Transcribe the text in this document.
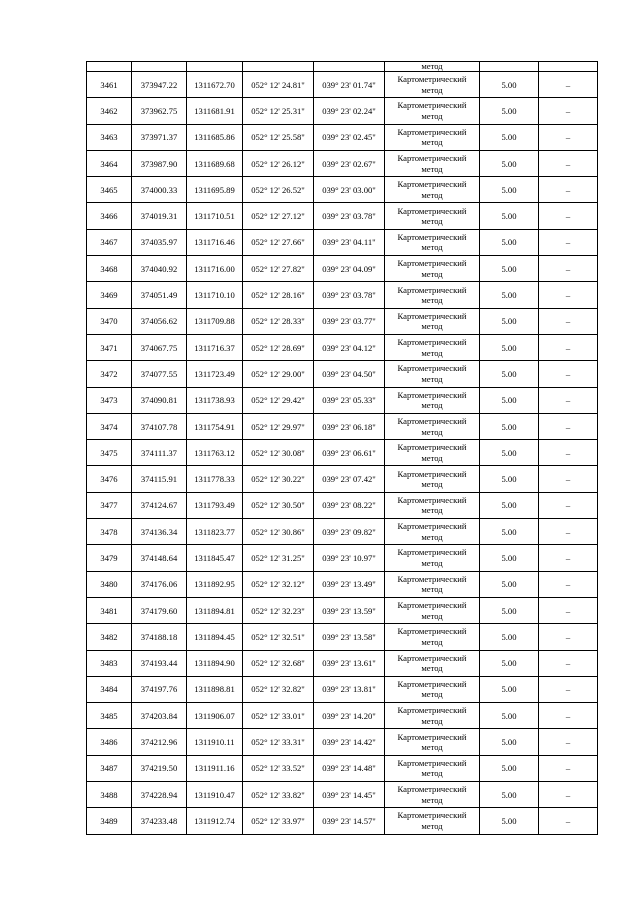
					метод		
3461	373947.22	1311672.70	052° 12' 24.81"	039° 23' 01.74"	Картометрический
метод	5.00	–
3462	373962.75	1311681.91	052° 12' 25.31"	039° 23' 02.24"	Картометрический
метод	5.00	–
3463	373971.37	1311685.86	052° 12' 25.58"	039° 23' 02.45"	Картометрический
метод	5.00	–
3464	373987.90	1311689.68	052° 12' 26.12"	039° 23' 02.67"	Картометрический
метод	5.00	–
3465	374000.33	1311695.89	052° 12' 26.52"	039° 23' 03.00"	Картометрический
метод	5.00	–
3466	374019.31	1311710.51	052° 12' 27.12"	039° 23' 03.78"	Картометрический
метод	5.00	–
3467	374035.97	1311716.46	052° 12' 27.66"	039° 23' 04.11"	Картометрический
метод	5.00	–
3468	374040.92	1311716.00	052° 12' 27.82"	039° 23' 04.09"	Картометрический
метод	5.00	–
3469	374051.49	1311710.10	052° 12' 28.16"	039° 23' 03.78"	Картометрический
метод	5.00	–
3470	374056.62	1311709.88	052° 12' 28.33"	039° 23' 03.77"	Картометрический
метод	5.00	–
3471	374067.75	1311716.37	052° 12' 28.69"	039° 23' 04.12"	Картометрический
метод	5.00	–
3472	374077.55	1311723.49	052° 12' 29.00"	039° 23' 04.50"	Картометрический
метод	5.00	–
3473	374090.81	1311738.93	052° 12' 29.42"	039° 23' 05.33"	Картометрический
метод	5.00	–
3474	374107.78	1311754.91	052° 12' 29.97"	039° 23' 06.18"	Картометрический
метод	5.00	–
3475	374111.37	1311763.12	052° 12' 30.08"	039° 23' 06.61"	Картометрический
метод	5.00	–
3476	374115.91	1311778.33	052° 12' 30.22"	039° 23' 07.42"	Картометрический
метод	5.00	–
3477	374124.67	1311793.49	052° 12' 30.50"	039° 23' 08.22"	Картометрический
метод	5.00	–
3478	374136.34	1311823.77	052° 12' 30.86"	039° 23' 09.82"	Картометрический
метод	5.00	–
3479	374148.64	1311845.47	052° 12' 31.25"	039° 23' 10.97"	Картометрический
метод	5.00	–
3480	374176.06	1311892.95	052° 12' 32.12"	039° 23' 13.49"	Картометрический
метод	5.00	–
3481	374179.60	1311894.81	052° 12' 32.23"	039° 23' 13.59"	Картометрический
метод	5.00	–
3482	374188.18	1311894.45	052° 12' 32.51"	039° 23' 13.58"	Картометрический
метод	5.00	–
3483	374193.44	1311894.90	052° 12' 32.68"	039° 23' 13.61"	Картометрический
метод	5.00	–
3484	374197.76	1311898.81	052° 12' 32.82"	039° 23' 13.81"	Картометрический
метод	5.00	–
3485	374203.84	1311906.07	052° 12' 33.01"	039° 23' 14.20"	Картометрический
метод	5.00	–
3486	374212.96	1311910.11	052° 12' 33.31"	039° 23' 14.42"	Картометрический
метод	5.00	–
3487	374219.50	1311911.16	052° 12' 33.52"	039° 23' 14.48"	Картометрический
метод	5.00	–
3488	374228.94	1311910.47	052° 12' 33.82"	039° 23' 14.45"	Картометрический
метод	5.00	–
3489	374233.48	1311912.74	052° 12' 33.97"	039° 23' 14.57"	Картометрический
метод	5.00	–
